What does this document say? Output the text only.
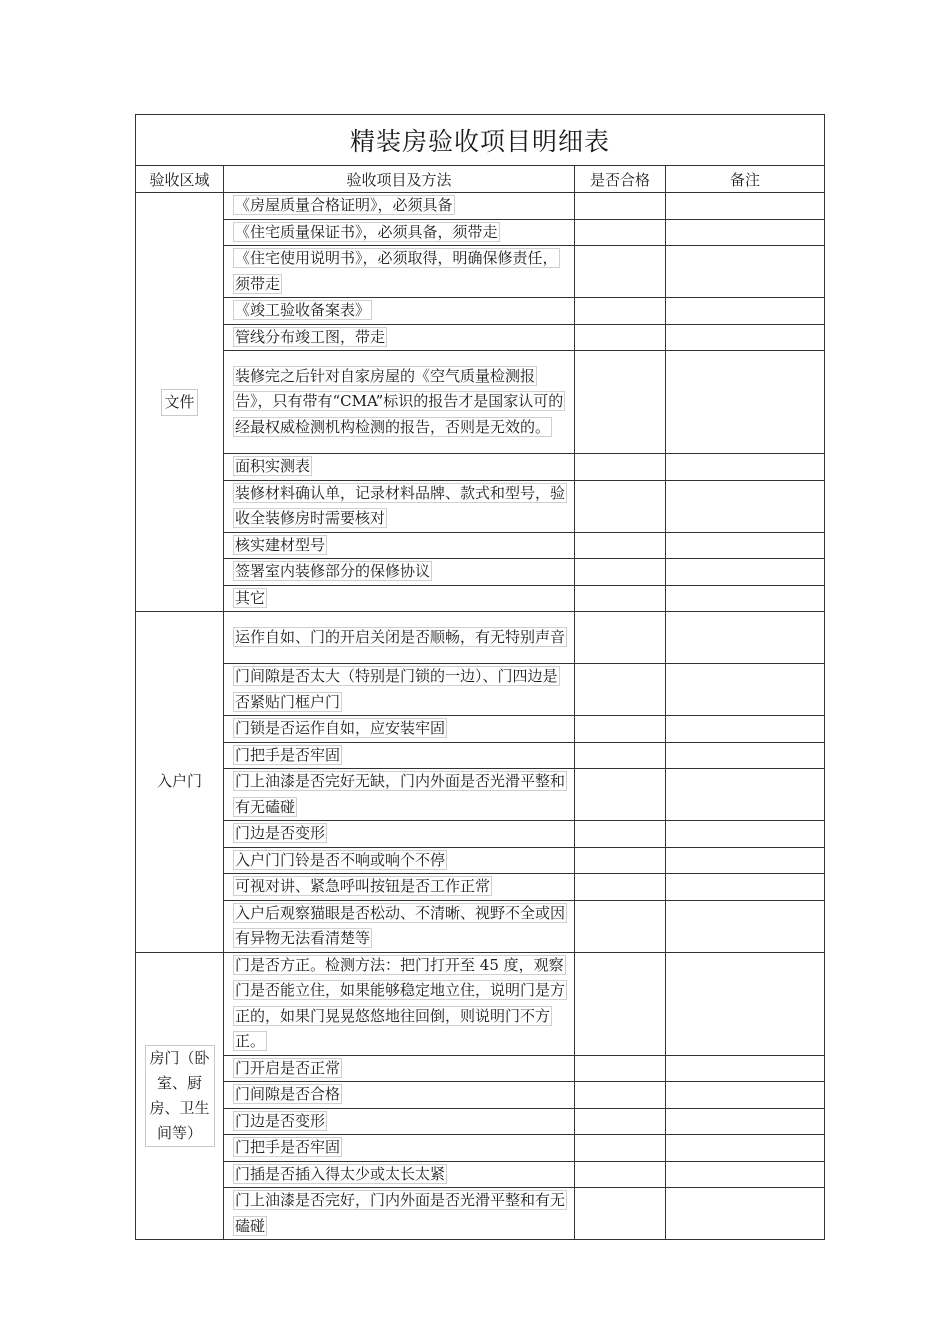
精装房验收项目明细表			
验收区域	验收项目及方法	是否合格	备注
文件	《房屋质量合格证明》，必须具备		
	《住宅质量保证书》，必须具备，须带走		
	《住宅使用说明书》，必须取得，明确保修责任，须带走		
	《竣工验收备案表》		
	管线分布竣工图，带走		
	装修完之后针对自家房屋的《空气质量检测报告》，只有带有“CMA”标识的报告才是国家认可的经最权威检测机构检测的报告，否则是无效的。		
	面积实测表		
	装修材料确认单，记录材料品牌、款式和型号，验收全装修房时需要核对		
	核实建材型号		
	签署室内装修部分的保修协议		
	其它		
入户门	运作自如、门的开启关闭是否顺畅，有无特别声音		
	门间隙是否太大（特别是门锁的一边）、门四边是否紧贴门框户门		
	门锁是否运作自如，应安装牢固		
	门把手是否牢固		
	门上油漆是否完好无缺，门内外面是否光滑平整和有无磕碰		
	门边是否变形		
	入户门门铃是否不响或响个不停		
	可视对讲、紧急呼叫按钮是否工作正常		
	入户后观察猫眼是否松动、不清晰、视野不全或因有异物无法看清楚等		
房门（卧室、厨房、卫生间等）	门是否方正。检测方法：把门打开至 45 度，观察门是否能立住，如果能够稳定地立住，说明门是方正的，如果门晃晃悠悠地往回倒，则说明门不方正。		
	门开启是否正常		
	门间隙是否合格		
	门边是否变形		
	门把手是否牢固		
	门插是否插入得太少或太长太紧		
	门上油漆是否完好，门内外面是否光滑平整和有无磕碰		
